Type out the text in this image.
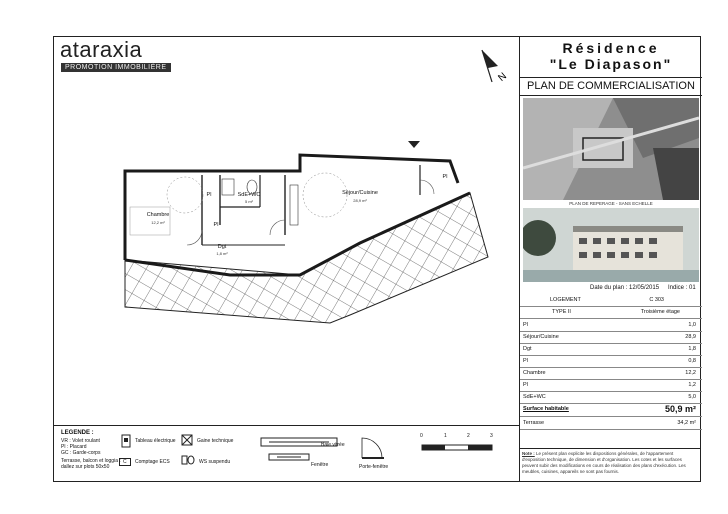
ataraxia
PROMOTION IMMOBILIÈRE
N
Chambre
12,2 m²
Séjour/Cuisine
28,9 m²
SdE+WC
5 m²
Dgt
1,8 m²
Pl
Pl
Pl
Résidence
"Le Diapason"
PLAN DE COMMERCIALISATION
PLAN DE REPERAGE - SANS ECHELLE
Date du plan : 12/05/2015 Indice : 01
LOGEMENT	C 303
TYPE II	Troisième étage
Pl	1,0
Séjour/Cuisine	28,9
Dgt	1,8
Pl	0,8
Chambre	12,2
Pl	1,2
SdE+WC	5,0
Surface habitable	50,9 m²
Terrasse	34,2 m²
Note : Le présent plan explicite les dispositions générales, de l'appartement d'exposition technique, de dimension et d'organisation. Les cotes et les surfaces peuvent subir des modifications en cours de réalisation des plans d'exécution. Les meubles, cuisines, appareils ne sont pas fournis.
LEGENDE :
VR : Volet roulant
Pl : Placard
GC : Garde-corps
Terrasse, balcon et loggia :
dallez sur plots 50x50
Tableau électrique
C	Comptage ECS
Gaine technique
WS suspendu
Baie vitrée
Fenêtre	Porte-fenêtre
0	1	2	3
